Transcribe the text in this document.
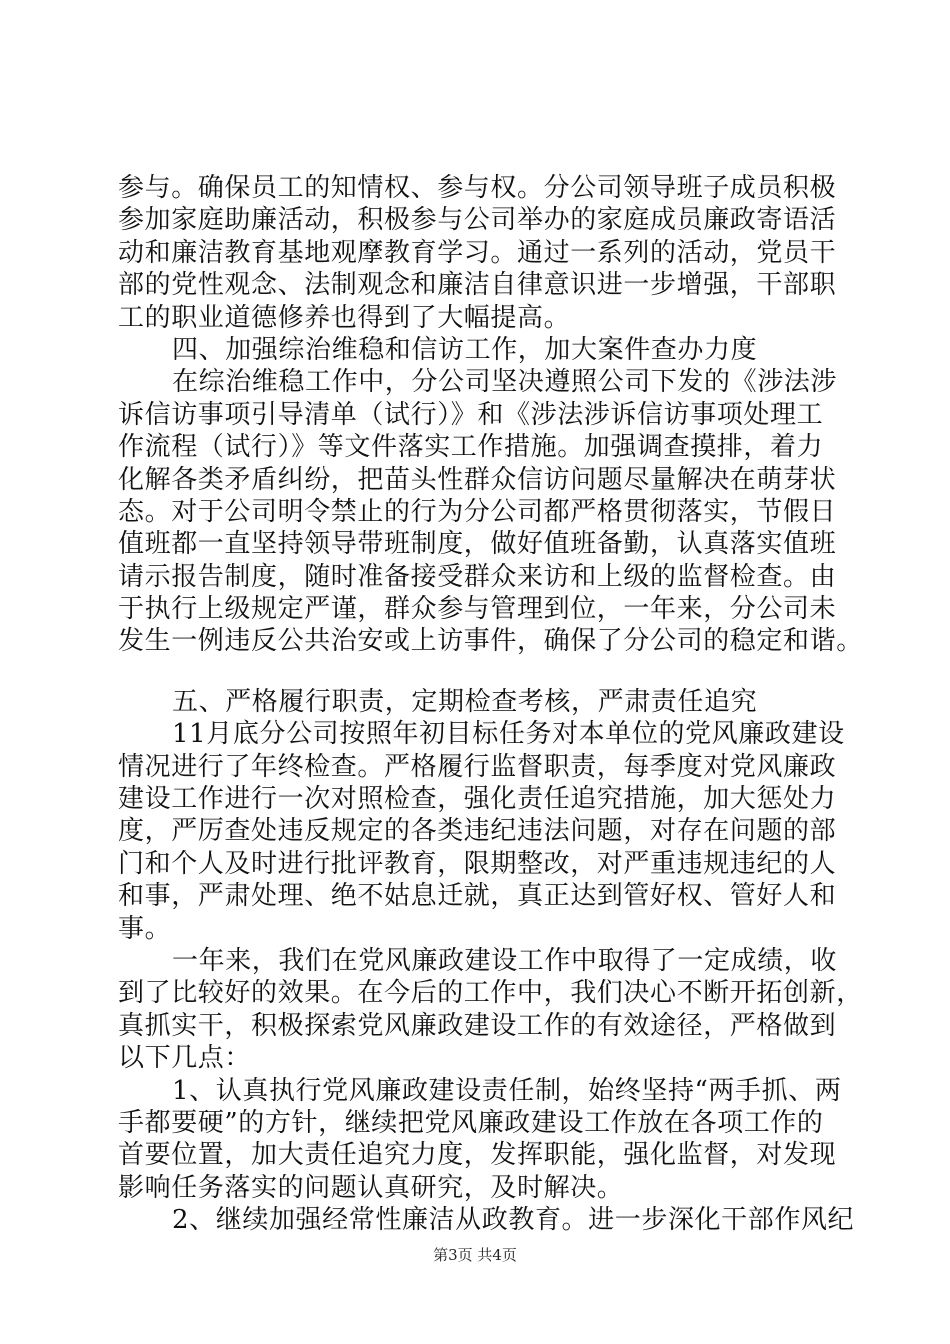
参与。确保员工的知情权、参与权。分公司领导班子成员积极
参加家庭助廉活动，积极参与公司举办的家庭成员廉政寄语活
动和廉洁教育基地观摩教育学习。通过一系列的活动，党员干
部的党性观念、法制观念和廉洁自律意识进一步增强，干部职
工的职业道德修养也得到了大幅提高。
四、加强综治维稳和信访工作，加大案件查办力度
在综治维稳工作中，分公司坚决遵照公司下发的《涉法涉
诉信访事项引导清单（试行）》和《涉法涉诉信访事项处理工
作流程（试行）》等文件落实工作措施。加强调查摸排，着力
化解各类矛盾纠纷，把苗头性群众信访问题尽量解决在萌芽状
态。对于公司明令禁止的行为分公司都严格贯彻落实，节假日
值班都一直坚持领导带班制度，做好值班备勤，认真落实值班
请示报告制度，随时准备接受群众来访和上级的监督检查。由
于执行上级规定严谨，群众参与管理到位，一年来，分公司未
发生一例违反公共治安或上访事件，确保了分公司的稳定和谐。
五、严格履行职责，定期检查考核，严肃责任追究
11月底分公司按照年初目标任务对本单位的党风廉政建设
情况进行了年终检查。严格履行监督职责，每季度对党风廉政
建设工作进行一次对照检查，强化责任追究措施，加大惩处力
度，严厉查处违反规定的各类违纪违法问题，对存在问题的部
门和个人及时进行批评教育，限期整改，对严重违规违纪的人
和事，严肃处理、绝不姑息迁就，真正达到管好权、管好人和
事。
一年来，我们在党风廉政建设工作中取得了一定成绩，收
到了比较好的效果。在今后的工作中，我们决心不断开拓创新，
真抓实干，积极探索党风廉政建设工作的有效途径，严格做到
以下几点：
1、认真执行党风廉政建设责任制，始终坚持“两手抓、两
手都要硬”的方针，继续把党风廉政建设工作放在各项工作的
首要位置，加大责任追究力度，发挥职能，强化监督，对发现
影响任务落实的问题认真研究，及时解决。
2、继续加强经常性廉洁从政教育。进一步深化干部作风纪
第3页 共4页
